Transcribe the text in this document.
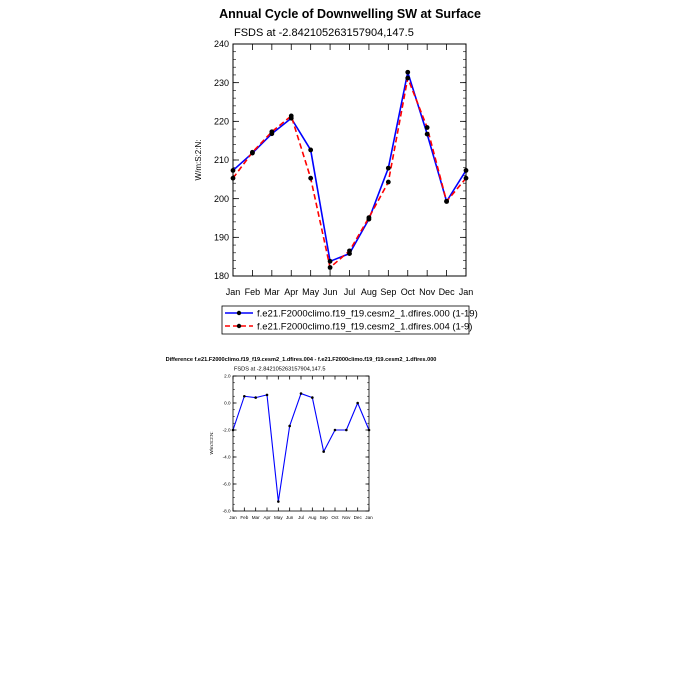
Annual Cycle of Downwelling SW at Surface
FSDS at -2.842105263157904,147.5
W/m:S:2:N:
Jan Feb Mar Apr May Jun Jul Aug Sep Oct Nov Dec Jan
180
190
200
210
220
230
240
f.e21.F2000climo.f19_f19.cesm2_1.dfires.000 (1-19)
f.e21.F2000climo.f19_f19.cesm2_1.dfires.004 (1-9)
Difference f.e21.F2000climo.f19_f19.cesm2_1.dfires.004 - f.e21.F2000climo.f19_f19.cesm2_1.dfires.000
FSDS at -2.842105263157904,147.5
W/m:S:2:N:
Jan Feb Mar Apr May Jun Jul Aug Sep Oct Nov Dec Jan
-8.0
-6.0
-4.0
-2.0
0.0
2.0
